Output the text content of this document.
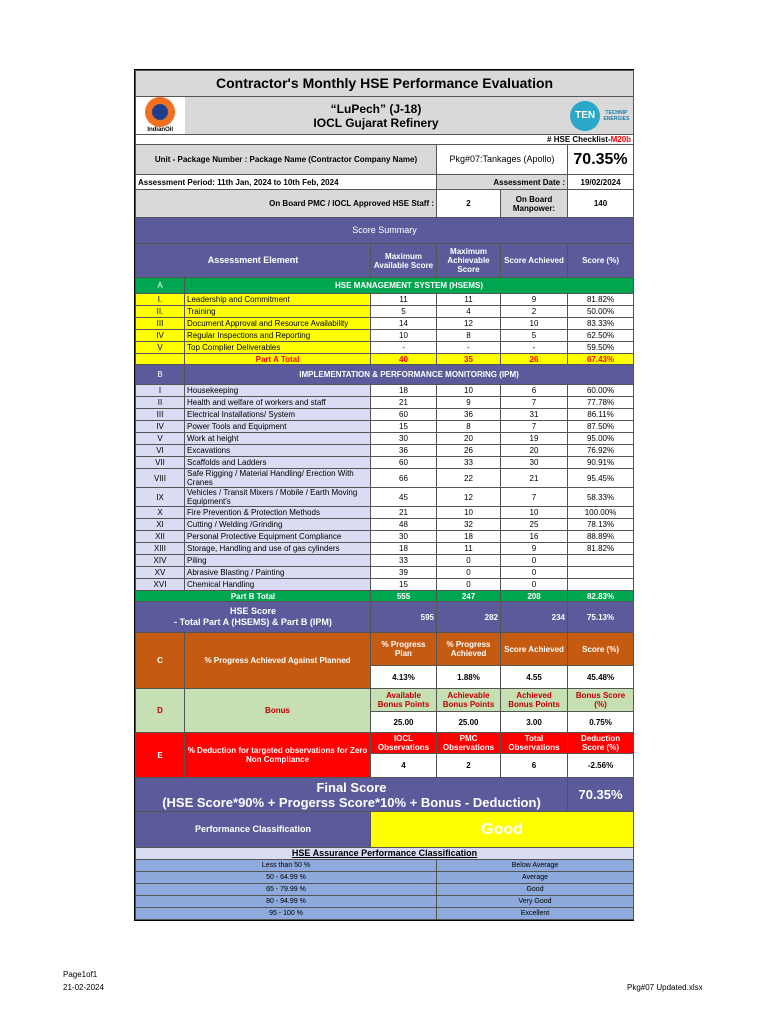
Contractor's Monthly HSE Performance Evaluation					

IndianOil	“LuPech” (J-18)
IOCL Gujarat Refinery				TEN TECHNIP ENERGIES
# HSE Checklist-M20b					
Unit - Package Number : Package Name (Contractor Company Name)			Pkg#07:Tankages (Apollo)		70.35%
Assessment Period: 11th Jan, 2024 to 10th Feb, 2024			Assessment Date :		19/02/2024
On Board PMC / IOCL Approved HSE Staff :			2	On Board Manpower:	140
Score Summary					
Assessment Element		Maximum Available Score	Maximum Achievable Score	Score Achieved	Score (%)
A	HSE MANAGEMENT SYSTEM (HSEMS)				
I.	Leadership and Commitment	11	11	9	81.82%
II.	Training	5	4	2	50.00%
III	Document Approval and Resource Availability	14	12	10	83.33%
IV	Regular Inspections and Reporting	10	8	5	62.50%
V	Top Complier Deliverables	-	-	-	59.50%
	Part A Total	40	35	26	67.43%
B	IMPLEMENTATION & PERFORMANCE MONITORING (IPM)				
I	Housekeeping	18	10	6	60.00%
II	Health and welfare of workers and staff	21	9	7	77.78%
III	Electrical Installations/ System	60	36	31	86.11%
IV	Power Tools and Equipment	15	8	7	87.50%
V	Work at height	30	20	19	95.00%
VI	Excavations	36	26	20	76.92%
VII	Scaffolds and Ladders	60	33	30	90.91%
VIII	Safe Rigging / Material Handling/ Erection With Cranes	66	22	21	95.45%
IX	Vehicles / Transit Mixers / Mobile / Earth Moving Equipment's	45	12	7	58.33%
X	Fire Prevention & Protection Methods	21	10	10	100.00%
XI	Cutting / Welding /Grinding	48	32	25	78.13%
XII	Personal Protective Equipment Compliance	30	18	16	88.89%
XIII	Storage, Handling and use of gas cylinders	18	11	9	81.82%
XIV	Piling	33	0	0	
XV	Abrasive Blasting / Painting	39	0	0	
XVI	Chemical Handling	15	0	0	
Part B Total		555	247	208	82.83%

HSE Score
- Total Part A (HSEMS) & Part B (IPM)		595	282	234	75.13%
C	% Progress Achieved Against Planned	% Progress Plan	% Progress Achieved	Score Achieved	Score (%)
		4.13%	1.88%	4.55	45.48%
D	Bonus	Available Bonus Points	Achievable Bonus Points	Achieved Bonus Points	Bonus Score (%)
		25.00	25.00	3.00	0.75%
E	% Deduction for targeted observations for Zero Non Compliance	IOCL Observations	PMC Observations	Total Observations	Deduction Score (%)
		4	2	6	-2.56%

Final Score
(HSE Score*90% + Progerss Score*10% + Bonus - Deduction)					70.35%
Performance Classification		Good			
HSE Assurance Performance Classification					
Less than 50 %			Below Average		
50 - 64.99 %			Average		
65 - 79.99 %			Good		
80 - 94.99 %			Very Good		
95 - 100 %			Excellent		
Page1of1
21-02-2024	Pkg#07 Updated.xlsx
